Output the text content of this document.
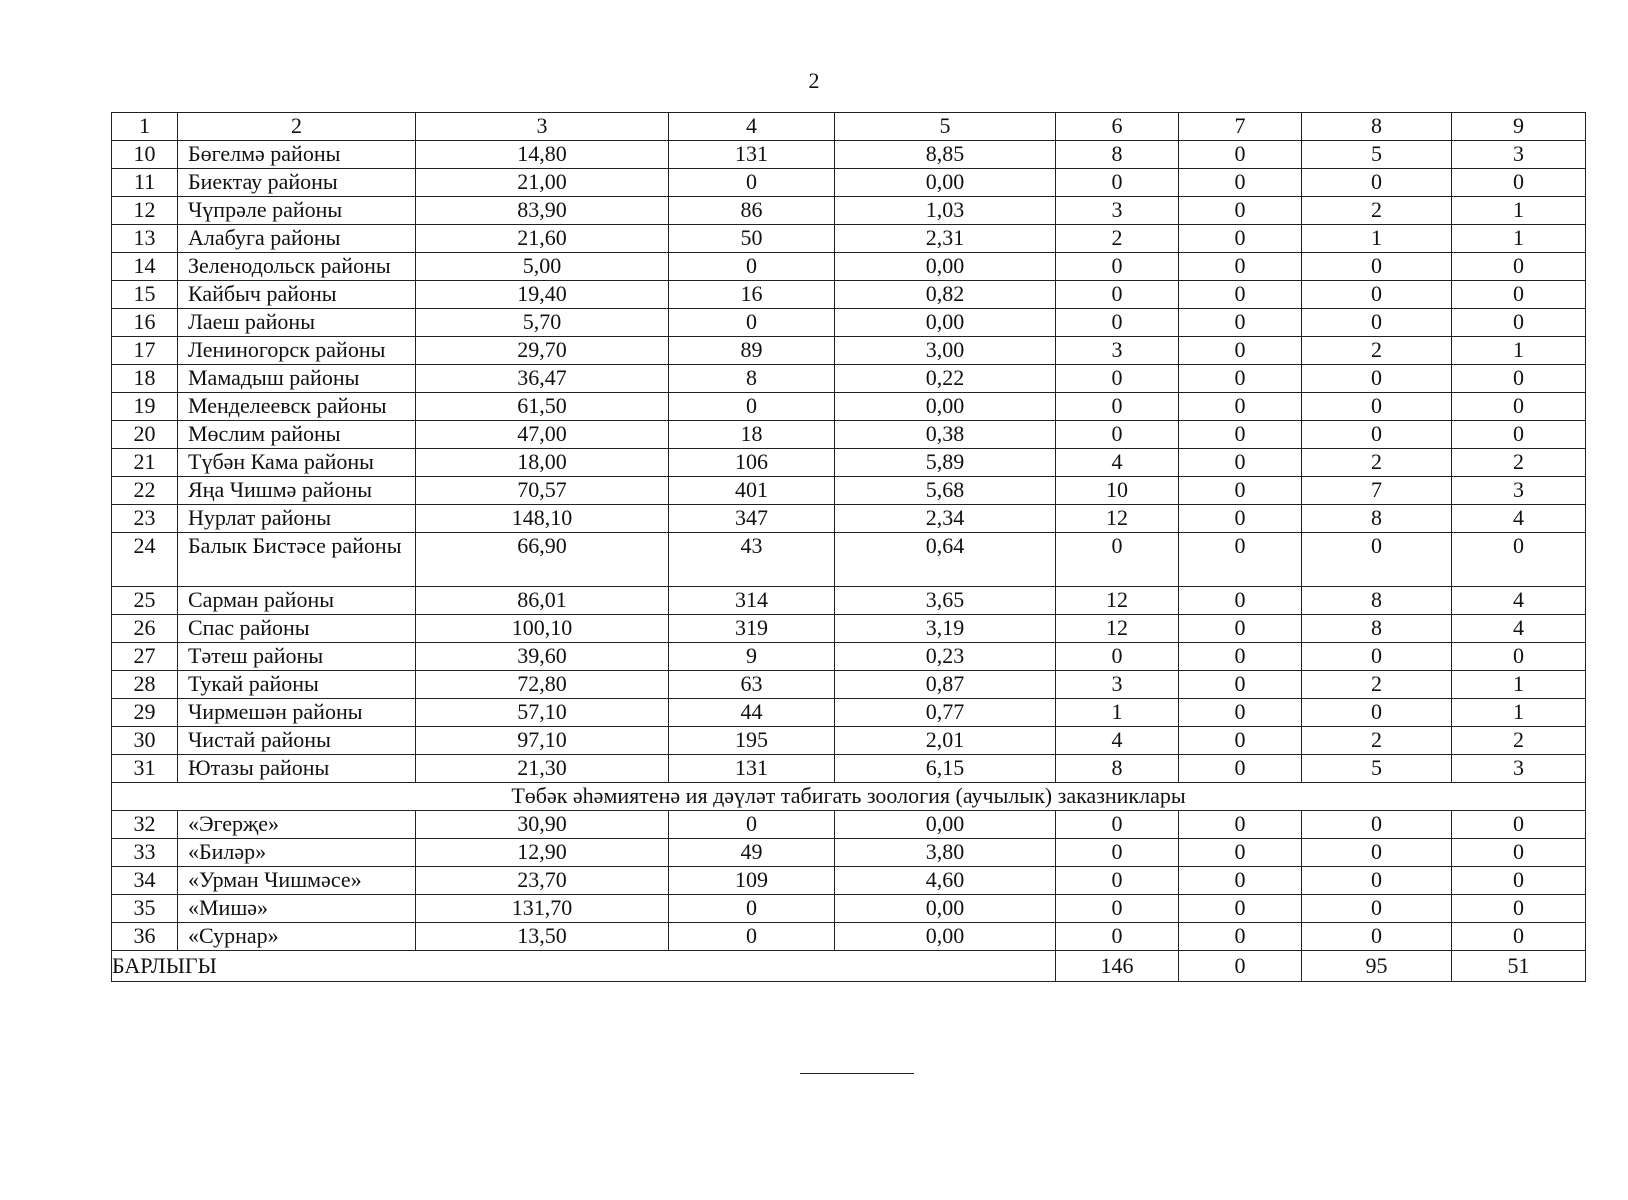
2
1	2	3	4	5	6	7	8	9
10	Бөгелмә районы	14,80	131	8,85	8	0	5	3
11	Биектау районы	21,00	0	0,00	0	0	0	0
12	Чүпрәле районы	83,90	86	1,03	3	0	2	1
13	Алабуга районы	21,60	50	2,31	2	0	1	1
14	Зеленодольск районы	5,00	0	0,00	0	0	0	0
15	Кайбыч районы	19,40	16	0,82	0	0	0	0
16	Лаеш районы	5,70	0	0,00	0	0	0	0
17	Лениногорск районы	29,70	89	3,00	3	0	2	1
18	Мамадыш районы	36,47	8	0,22	0	0	0	0
19	Менделеевск районы	61,50	0	0,00	0	0	0	0
20	Мөслим районы	47,00	18	0,38	0	0	0	0
21	Түбән Кама районы	18,00	106	5,89	4	0	2	2
22	Яңа Чишмә районы	70,57	401	5,68	10	0	7	3
23	Нурлат районы	148,10	347	2,34	12	0	8	4
24	Балык Бистәсе районы	66,90	43	0,64	0	0	0	0
25	Сарман районы	86,01	314	3,65	12	0	8	4
26	Спас районы	100,10	319	3,19	12	0	8	4
27	Тәтеш районы	39,60	9	0,23	0	0	0	0
28	Тукай районы	72,80	63	0,87	3	0	2	1
29	Чирмешән районы	57,10	44	0,77	1	0	0	1
30	Чистай районы	97,10	195	2,01	4	0	2	2
31	Ютазы районы	21,30	131	6,15	8	0	5	3
Төбәк әһәмиятенә ия дәүләт табигать зоология (аучылык) заказниклары								
32	«Эгерҗе»	30,90	0	0,00	0	0	0	0
33	«Биләр»	12,90	49	3,80	0	0	0	0
34	«Урман Чишмәсе»	23,70	109	4,60	0	0	0	0
35	«Мишә»	131,70	0	0,00	0	0	0	0
36	«Сурнар»	13,50	0	0,00	0	0	0	0
БАРЛЫГЫ					146	0	95	51
